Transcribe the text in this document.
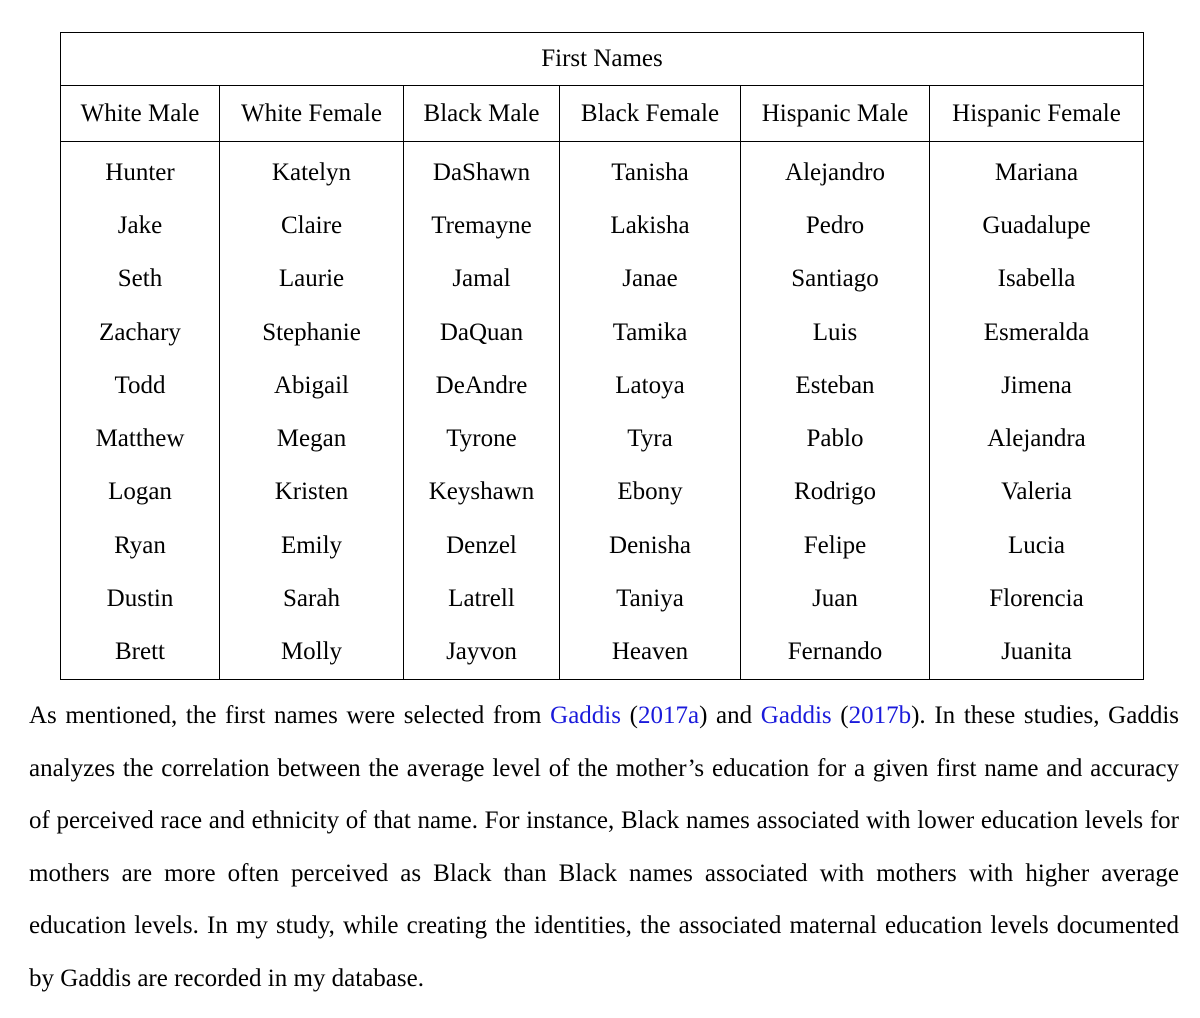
First Names					
White Male	White Female	Black Male	Black Female	Hispanic Male	Hispanic Female
Hunter	Katelyn	DaShawn	Tanisha	Alejandro	Mariana
Jake	Claire	Tremayne	Lakisha	Pedro	Guadalupe
Seth	Laurie	Jamal	Janae	Santiago	Isabella
Zachary	Stephanie	DaQuan	Tamika	Luis	Esmeralda
Todd	Abigail	DeAndre	Latoya	Esteban	Jimena
Matthew	Megan	Tyrone	Tyra	Pablo	Alejandra
Logan	Kristen	Keyshawn	Ebony	Rodrigo	Valeria
Ryan	Emily	Denzel	Denisha	Felipe	Lucia
Dustin	Sarah	Latrell	Taniya	Juan	Florencia
Brett	Molly	Jayvon	Heaven	Fernando	Juanita

As mentioned, the first names were selected from Gaddis (2017a) and Gaddis (2017b). In these studies, Gaddis analyzes the correlation between the average level of the mother’s education for a given first name and accuracy of perceived race and ethnicity of that name. For instance, Black names associated with lower education levels for mothers are more often perceived as Black than Black names associated with mothers with higher average education levels. In my study, while creating the identities, the associated maternal education levels documented by Gaddis are recorded in my database.
